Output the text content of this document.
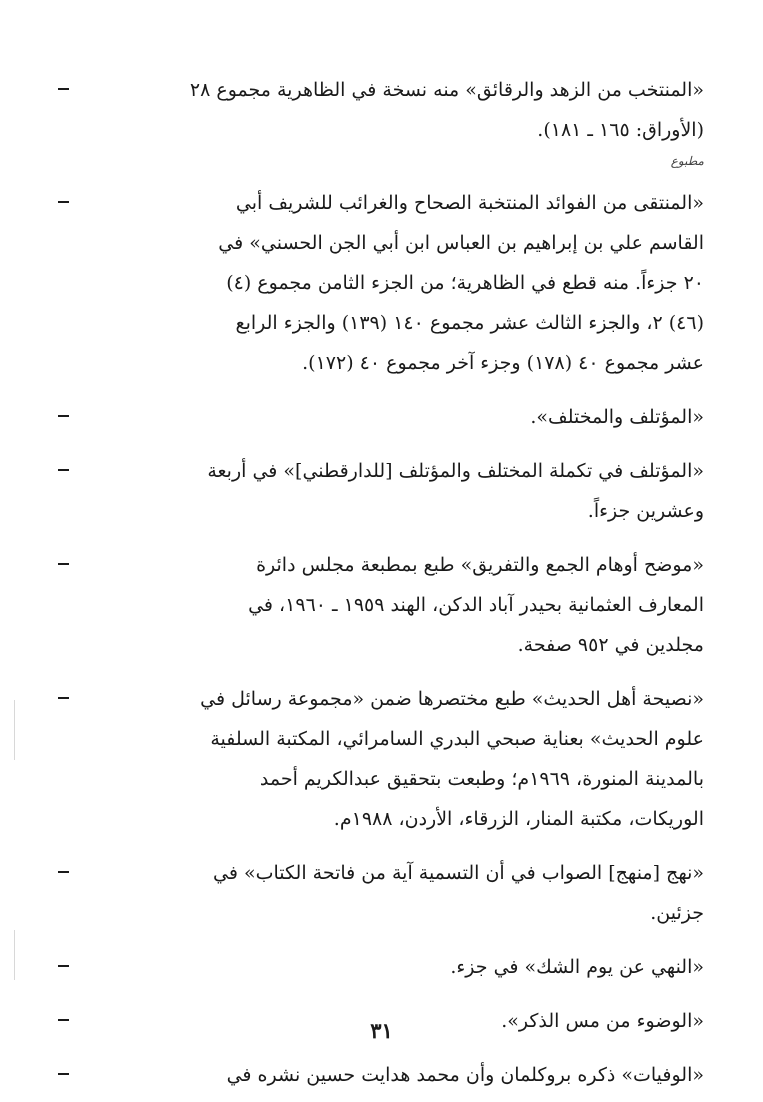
«المنتخب من الزهد والرقائق» منه نسخة في الظاهرية مجموع ٢٨
(الأوراق: ١٦٥ ـ ١٨١).
مطبوع
«المنتقى من الفوائد المنتخبة الصحاح والغرائب للشريف أبي
القاسم علي بن إبراهيم بن العباس ابن أبي الجن الحسني» في
٢٠ جزءاً. منه قطع في الظاهرية؛ من الجزء الثامن مجموع (٤)
(٤٦) ٢، والجزء الثالث عشر مجموع ١٤٠ (١٣٩) والجزء الرابع
عشر مجموع ٤٠ (١٧٨) وجزء آخر مجموع ٤٠ (١٧٢).
«المؤتلف والمختلف».
«المؤتلف في تكملة المختلف والمؤتلف [للدارقطني]» في أربعة
وعشرين جزءاً.
«موضح أوهام الجمع والتفريق» طبع بمطبعة مجلس دائرة
المعارف العثمانية بحيدر آباد الدكن، الهند ١٩٥٩ ـ ١٩٦٠، في
مجلدين في ٩٥٢ صفحة.
«نصيحة أهل الحديث» طبع مختصرها ضمن «مجموعة رسائل في
علوم الحديث» بعناية صبحي البدري السامرائي، المكتبة السلفية
بالمدينة المنورة، ١٩٦٩م؛ وطبعت بتحقيق عبدالكريم أحمد
الوريكات، مكتبة المنار، الزرقاء، الأردن، ١٩٨٨م.
«نهج [منهج] الصواب في أن التسمية آية من فاتحة الكتاب» في
جزئين.
«النهي عن يوم الشك» في جزء.
«الوضوء من مس الذكر».
«الوفيات» ذكره بروكلمان وأن محمد هدايت حسين نشره في
٣١
